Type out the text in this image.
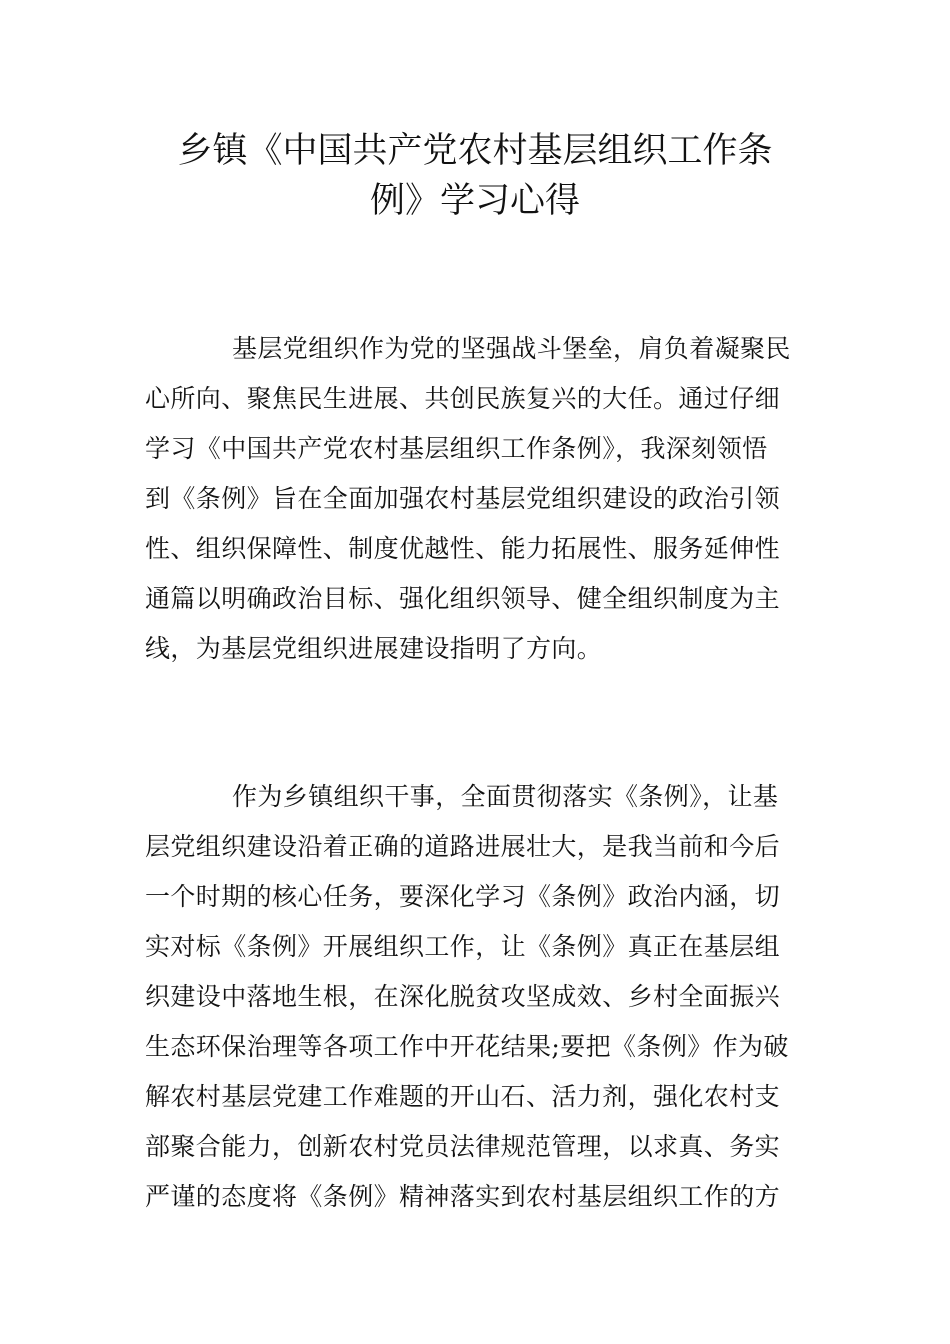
乡镇《中国共产党农村基层组织工作条
例》学习心得
基层党组织作为党的坚强战斗堡垒，肩负着凝聚民
心所向、聚焦民生进展、共创民族复兴的大任。通过仔细
学习《中国共产党农村基层组织工作条例》，我深刻领悟
到《条例》旨在全面加强农村基层党组织建设的政治引领
性、组织保障性、制度优越性、能力拓展性、服务延伸性
通篇以明确政治目标、强化组织领导、健全组织制度为主
线，为基层党组织进展建设指明了方向。
作为乡镇组织干事，全面贯彻落实《条例》，让基
层党组织建设沿着正确的道路进展壮大，是我当前和今后
一个时期的核心任务，要深化学习《条例》政治内涵，切
实对标《条例》开展组织工作，让《条例》真正在基层组
织建设中落地生根，在深化脱贫攻坚成效、乡村全面振兴
生态环保治理等各项工作中开花结果;要把《条例》作为破
解农村基层党建工作难题的开山石、活力剂，强化农村支
部聚合能力，创新农村党员法律规范管理，以求真、务实
严谨的态度将《条例》精神落实到农村基层组织工作的方
